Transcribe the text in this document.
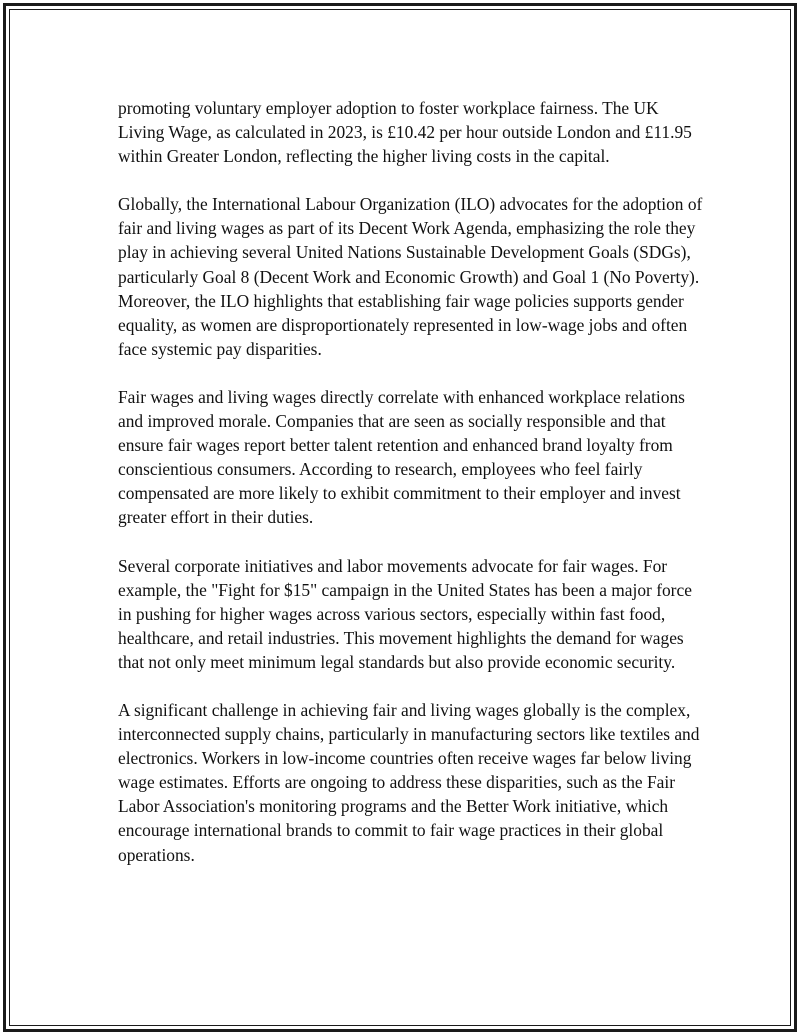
promoting voluntary employer adoption to foster workplace fairness. The UK Living Wage, as calculated in 2023, is £10.42 per hour outside London and £11.95 within Greater London, reflecting the higher living costs in the capital.

Globally, the International Labour Organization (ILO) advocates for the adoption of fair and living wages as part of its Decent Work Agenda, emphasizing the role they play in achieving several United Nations Sustainable Development Goals (SDGs), particularly Goal 8 (Decent Work and Economic Growth) and Goal 1 (No Poverty). Moreover, the ILO highlights that establishing fair wage policies supports gender equality, as women are disproportionately represented in low-wage jobs and often face systemic pay disparities.

Fair wages and living wages directly correlate with enhanced workplace relations and improved morale. Companies that are seen as socially responsible and that ensure fair wages report better talent retention and enhanced brand loyalty from conscientious consumers. According to research, employees who feel fairly compensated are more likely to exhibit commitment to their employer and invest greater effort in their duties.

Several corporate initiatives and labor movements advocate for fair wages. For example, the "Fight for $15" campaign in the United States has been a major force in pushing for higher wages across various sectors, especially within fast food, healthcare, and retail industries. This movement highlights the demand for wages that not only meet minimum legal standards but also provide economic security.

A significant challenge in achieving fair and living wages globally is the complex, interconnected supply chains, particularly in manufacturing sectors like textiles and electronics. Workers in low-income countries often receive wages far below living wage estimates. Efforts are ongoing to address these disparities, such as the Fair Labor Association's monitoring programs and the Better Work initiative, which encourage international brands to commit to fair wage practices in their global operations.
